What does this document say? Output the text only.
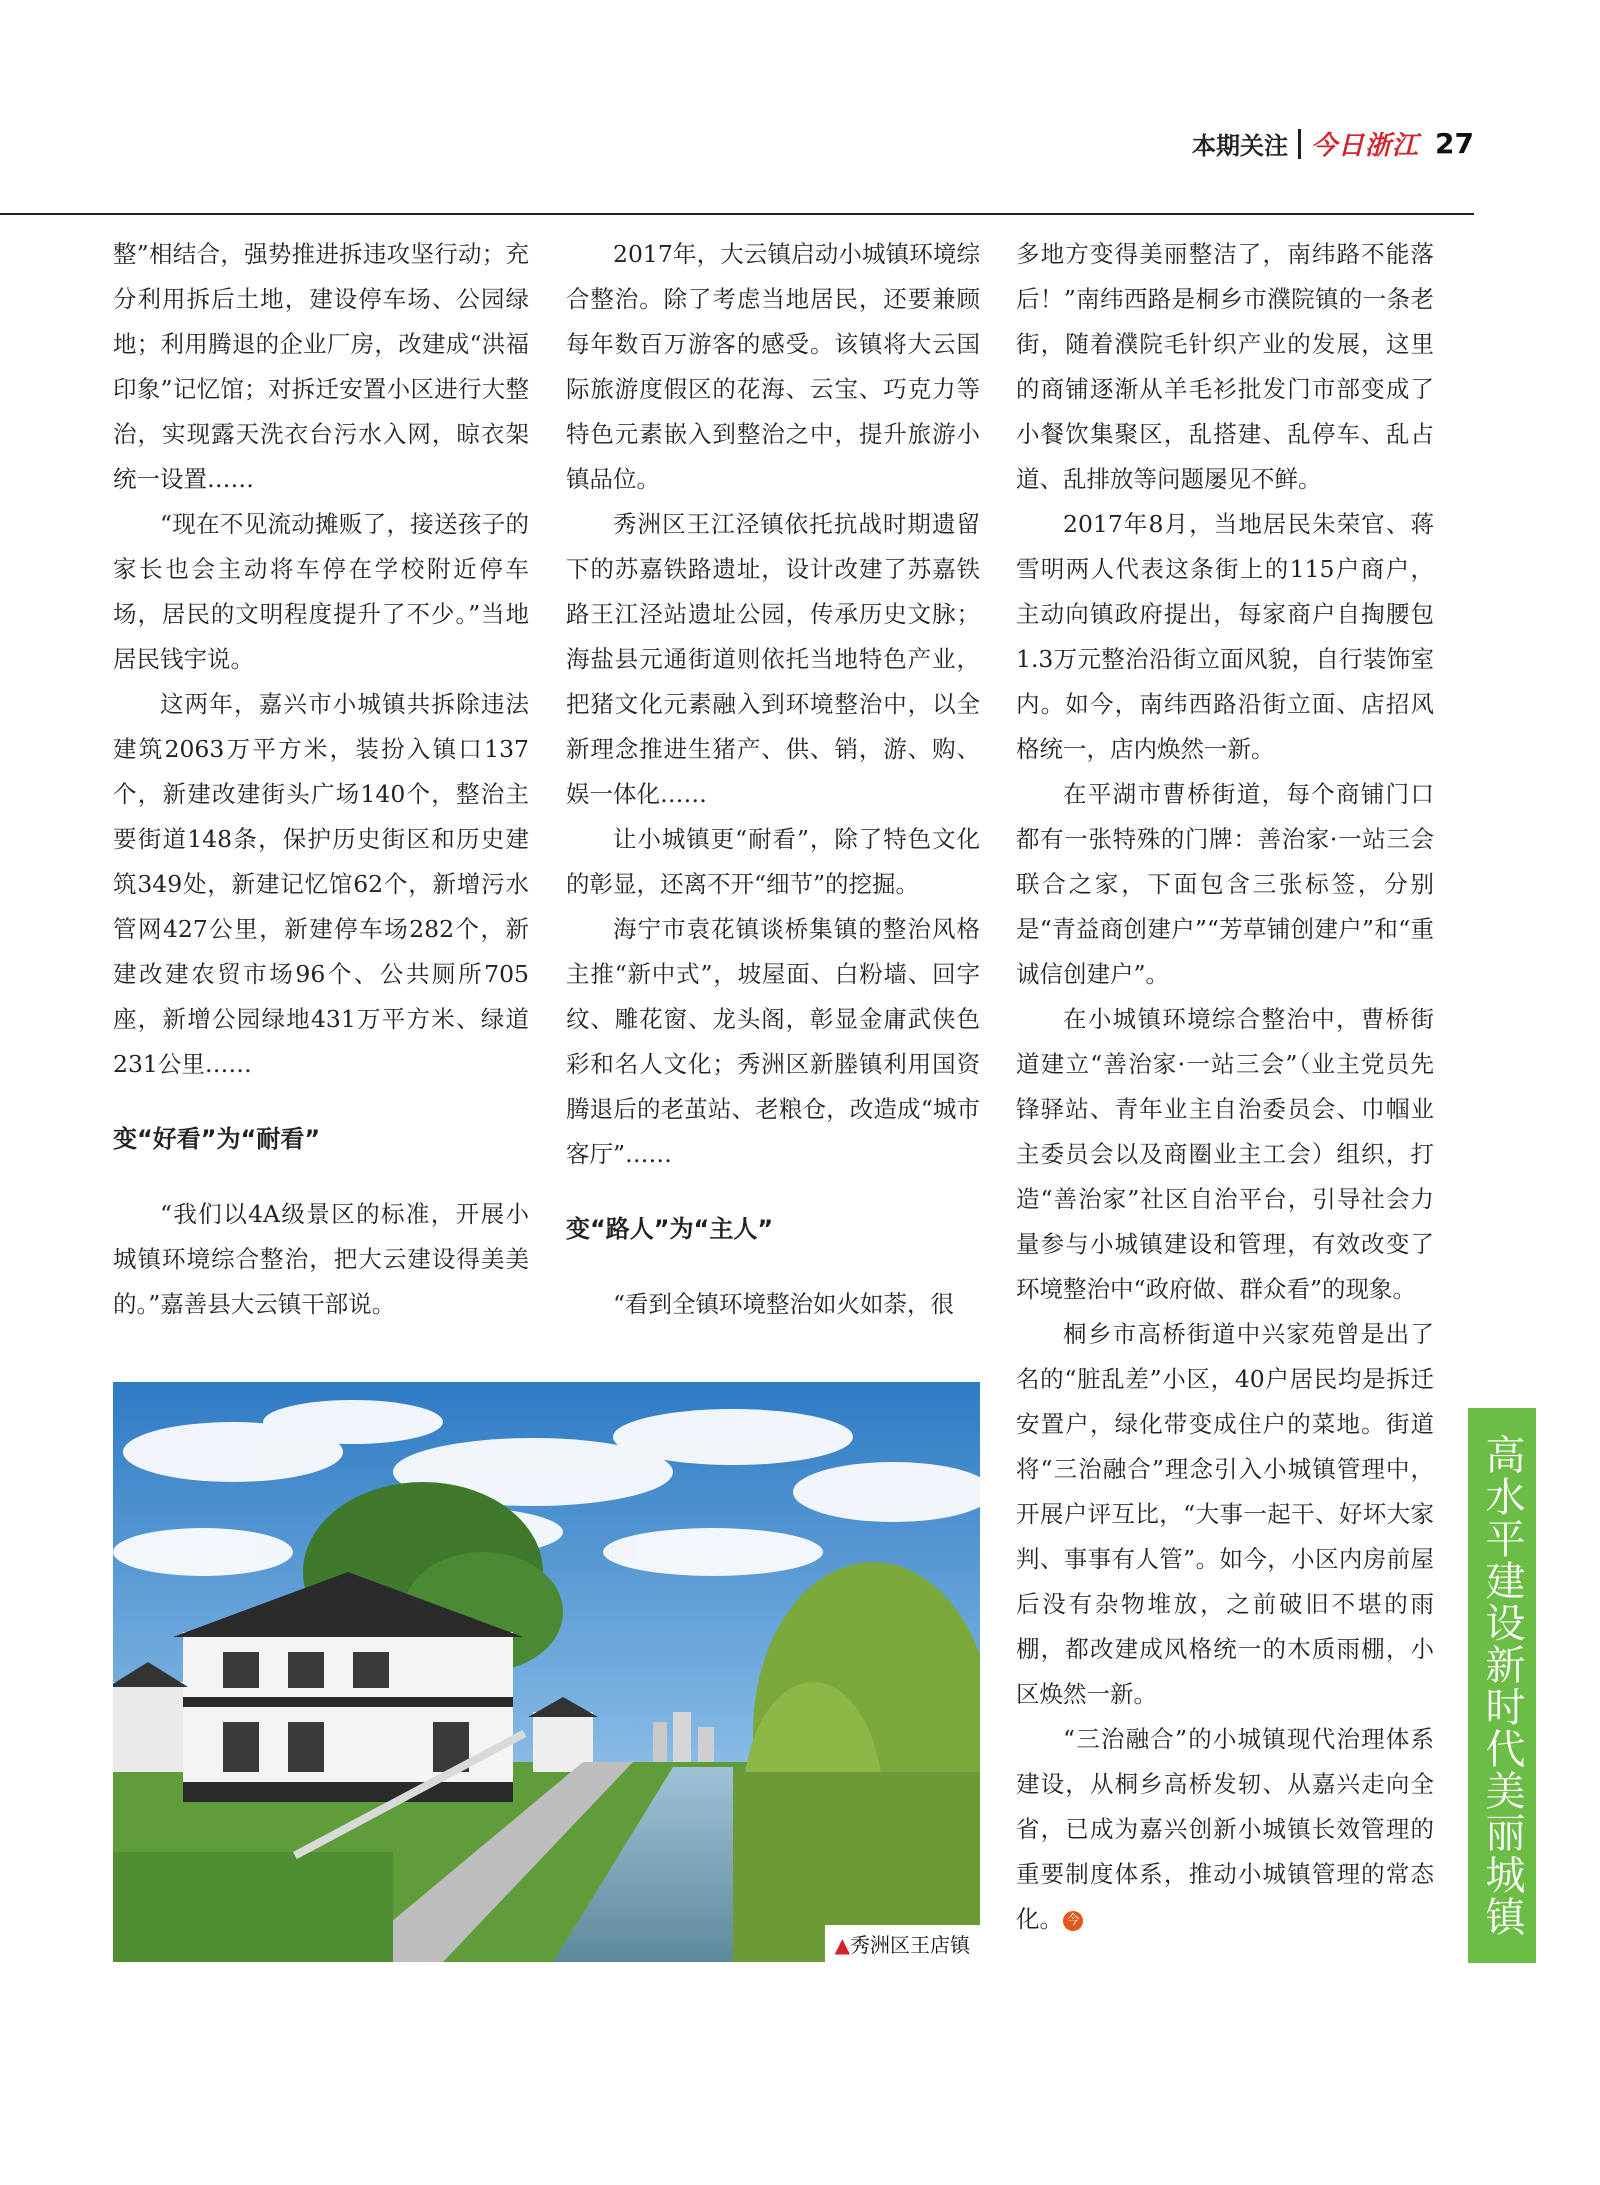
本期关注 今日浙江 27

整”相结合，强势推进拆违攻坚行动；充分利用拆后土地，建设停车场、公园绿地；利用腾退的企业厂房，改建成“洪福印象”记忆馆；对拆迁安置小区进行大整治，实现露天洗衣台污水入网，晾衣架统一设置……

“现在不见流动摊贩了，接送孩子的家长也会主动将车停在学校附近停车场，居民的文明程度提升了不少。”当地居民钱宇说。

这两年，嘉兴市小城镇共拆除违法建筑2063万平方米，装扮入镇口137个，新建改建街头广场140个，整治主要街道148条，保护历史街区和历史建筑349处，新建记忆馆62个，新增污水管网427公里，新建停车场282个，新建改建农贸市场96个、公共厕所705座，新增公园绿地431万平方米、绿道231公里……

变“好看”为“耐看”

“我们以4A级景区的标准，开展小城镇环境综合整治，把大云建设得美美的。”嘉善县大云镇干部说。

2017年，大云镇启动小城镇环境综合整治。除了考虑当地居民，还要兼顾每年数百万游客的感受。该镇将大云国际旅游度假区的花海、云宝、巧克力等特色元素嵌入到整治之中，提升旅游小镇品位。

秀洲区王江泾镇依托抗战时期遗留下的苏嘉铁路遗址，设计改建了苏嘉铁路王江泾站遗址公园，传承历史文脉；海盐县元通街道则依托当地特色产业，把猪文化元素融入到环境整治中，以全新理念推进生猪产、供、销，游、购、娱一体化……

让小城镇更“耐看”，除了特色文化的彰显，还离不开“细节”的挖掘。

海宁市袁花镇谈桥集镇的整治风格主推“新中式”，坡屋面、白粉墙、回字纹、雕花窗、龙头阁，彰显金庸武侠色彩和名人文化；秀洲区新塍镇利用国资腾退后的老茧站、老粮仓，改造成“城市客厅”……

变“路人”为“主人”

“看到全镇环境整治如火如荼，很

多地方变得美丽整洁了，南纬路不能落后！”南纬西路是桐乡市濮院镇的一条老街，随着濮院毛针织产业的发展，这里的商铺逐渐从羊毛衫批发门市部变成了小餐饮集聚区，乱搭建、乱停车、乱占道、乱排放等问题屡见不鲜。

2017年8月，当地居民朱荣官、蒋雪明两人代表这条街上的115户商户，主动向镇政府提出，每家商户自掏腰包1.3万元整治沿街立面风貌，自行装饰室内。如今，南纬西路沿街立面、店招风格统一，店内焕然一新。

在平湖市曹桥街道，每个商铺门口都有一张特殊的门牌：善治家·一站三会联合之家，下面包含三张标签，分别是“青益商创建户”“芳草铺创建户”和“重诚信创建户”。

在小城镇环境综合整治中，曹桥街道建立“善治家·一站三会”（业主党员先锋驿站、青年业主自治委员会、巾帼业主委员会以及商圈业主工会）组织，打造“善治家”社区自治平台，引导社会力量参与小城镇建设和管理，有效改变了环境整治中“政府做、群众看”的现象。

桐乡市高桥街道中兴家苑曾是出了名的“脏乱差”小区，40户居民均是拆迁安置户，绿化带变成住户的菜地。街道将“三治融合”理念引入小城镇管理中，开展户评互比，“大事一起干、好坏大家判、事事有人管”。如今，小区内房前屋后没有杂物堆放，之前破旧不堪的雨棚，都改建成风格统一的木质雨棚，小区焕然一新。

“三治融合”的小城镇现代治理体系建设，从桐乡高桥发轫、从嘉兴走向全省，已成为嘉兴创新小城镇长效管理的重要制度体系，推动小城镇管理的常态化。 今

▲秀洲区王店镇
高水平建设新时代美丽城镇
